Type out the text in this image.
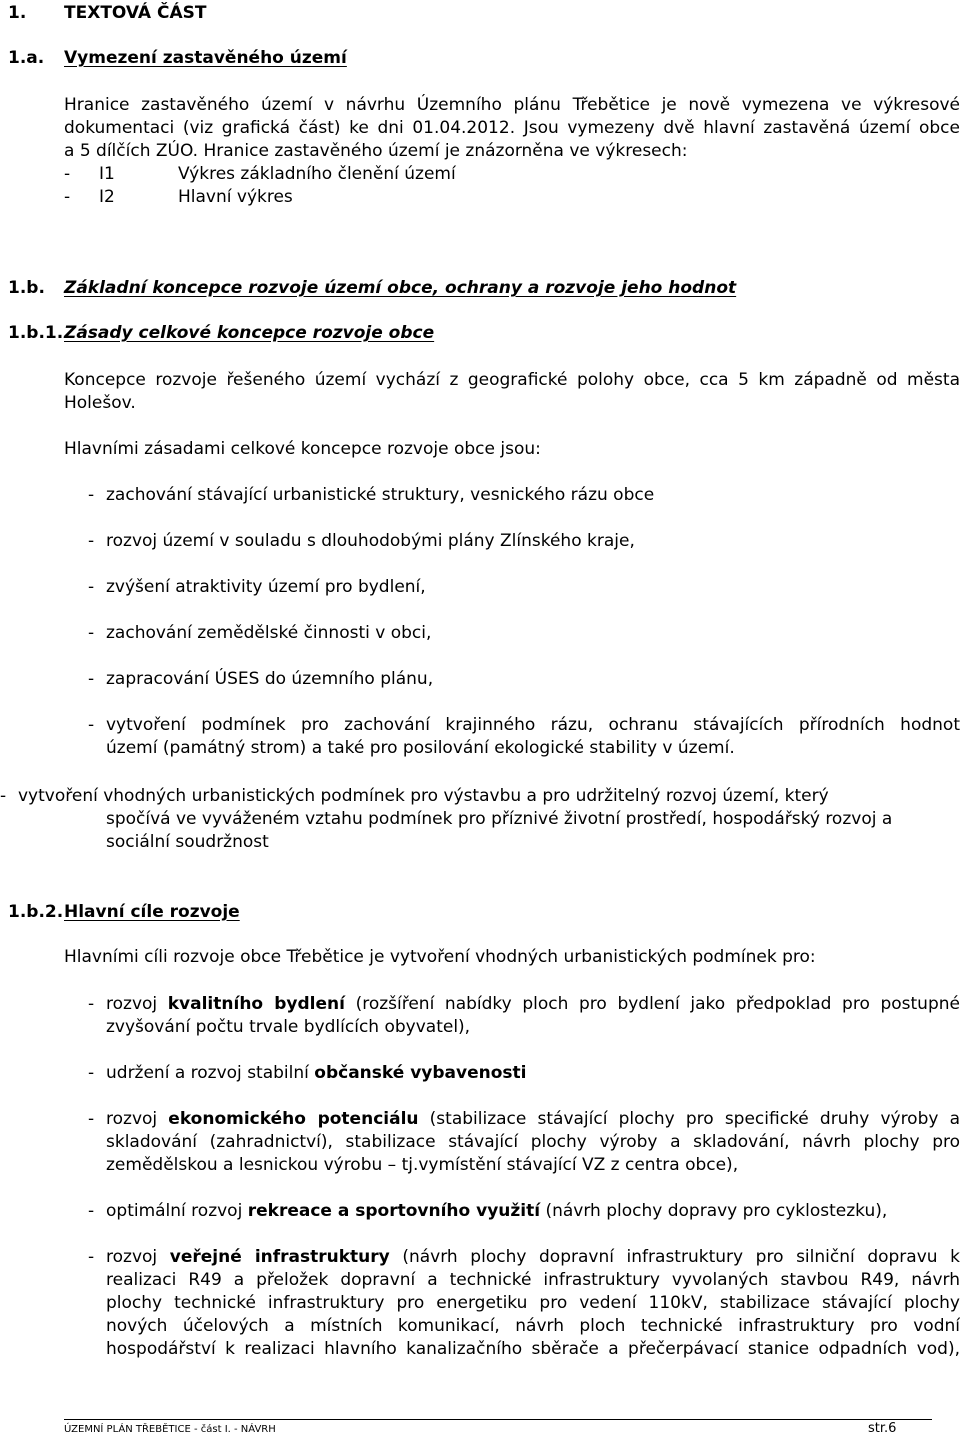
1. TEXTOVÁ ČÁST
1.a. Vymezení zastavěného území
Hranice zastavěného území v návrhu Územního plánu Třebětice je nově vymezena ve výkresové
dokumentaci (viz grafická část) ke dni 01.04.2012. Jsou vymezeny dvě hlavní zastavěná území obce
a 5 dílčích ZÚO. Hranice zastavěného území je znázorněna ve výkresech:
- I1	Výkres základního členění území
- I2	Hlavní výkres
1.b. Základní koncepce rozvoje území obce, ochrany a rozvoje jeho hodnot
1.b.1. Zásady celkové koncepce rozvoje obce
Koncepce rozvoje řešeného území vychází z geografické polohy obce, cca 5 km západně od města
Holešov.
Hlavními zásadami celkové koncepce rozvoje obce jsou:
- zachování stávající urbanistické struktury, vesnického rázu obce
- rozvoj území v souladu s dlouhodobými plány Zlínského kraje,
- zvýšení atraktivity území pro bydlení,
- zachování zemědělské činnosti v obci,
- zapracování ÚSES do územního plánu,
- vytvoření podmínek pro zachování krajinného rázu, ochranu stávajících přírodních hodnot
území (památný strom) a také pro posilování ekologické stability v území.
- vytvoření vhodných urbanistických podmínek pro výstavbu a pro udržitelný rozvoj území, který
spočívá ve vyváženém vztahu podmínek pro příznivé životní prostředí, hospodářský rozvoj a
sociální soudržnost
1.b.2. Hlavní cíle rozvoje
Hlavními cíli rozvoje obce Třebětice je vytvoření vhodných urbanistických podmínek pro:
- rozvoj kvalitního bydlení (rozšíření nabídky ploch pro bydlení jako předpoklad pro postupné
zvyšování počtu trvale bydlících obyvatel),
- udržení a rozvoj stabilní občanské vybavenosti
- rozvoj ekonomického potenciálu (stabilizace stávající plochy pro specifické druhy výroby a
skladování (zahradnictví), stabilizace stávající plochy výroby a skladování, návrh plochy pro
zemědělskou a lesnickou výrobu – tj.vymístění stávající VZ z centra obce),
- optimální rozvoj rekreace a sportovního využití (návrh plochy dopravy pro cyklostezku),
- rozvoj veřejné infrastruktury (návrh plochy dopravní infrastruktury pro silniční dopravu k
realizaci R49 a přeložek dopravní a technické infrastruktury vyvolaných stavbou R49, návrh
plochy technické infrastruktury pro energetiku pro vedení 110kV, stabilizace stávající plochy
nových účelových a místních komunikací, návrh ploch technické infrastruktury pro vodní
hospodářství k realizaci hlavního kanalizačního sběrače a přečerpávací stanice odpadních vod),
ÚZEMNÍ PLÁN TŘEBĚTICE - část I. - NÁVRH	str.6
